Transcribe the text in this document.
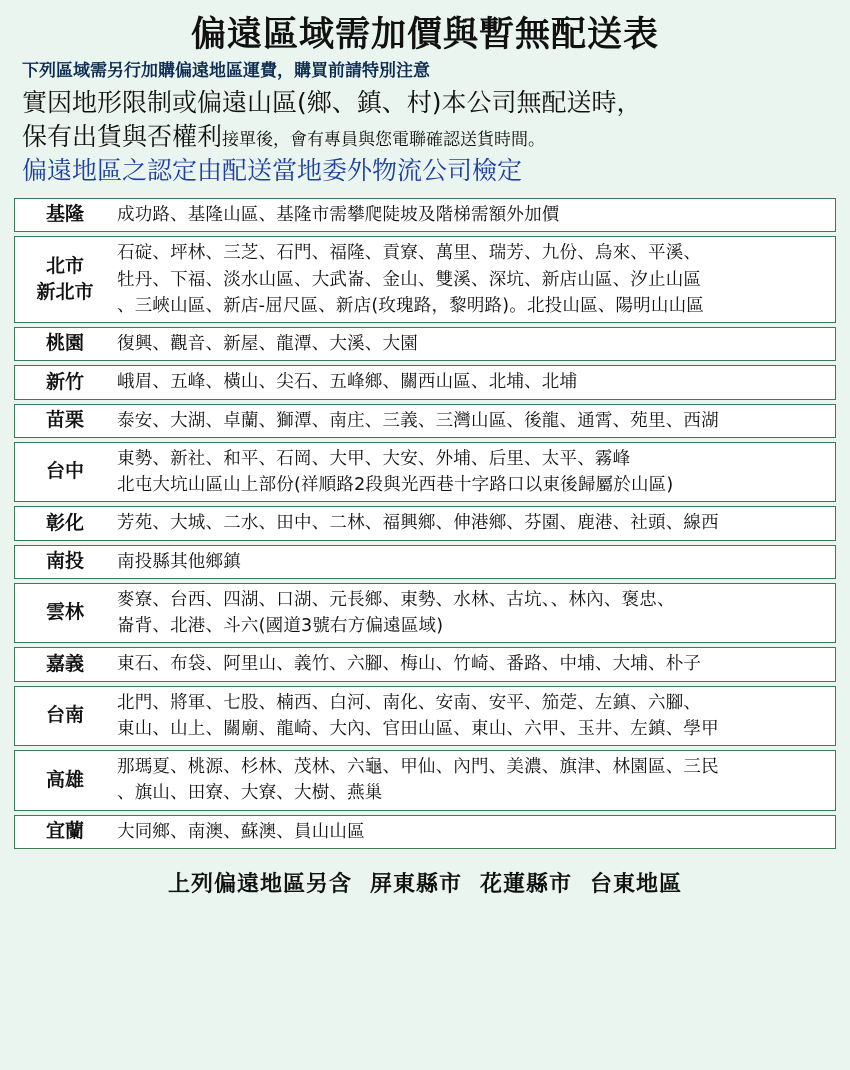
偏遠區域需加價與暫無配送表
下列區域需另行加購偏遠地區運費，購買前請特別注意
實因地形限制或偏遠山區(鄉、鎮、村)本公司無配送時，
保有出貨與否權利接單後，會有專員與您電聯確認送貨時間。
偏遠地區之認定由配送當地委外物流公司檢定
基隆	成功路、基隆山區、基隆市需攀爬陡坡及階梯需額外加價

北市
新北市	石碇、坪林、三芝、石門、福隆、貢寮、萬里、瑞芳、九份、烏來、平溪、
牡丹、下福、淡水山區、大武崙、金山、雙溪、深坑、新店山區、汐止山區
、三峽山區、新店-屈尺區、新店(玫瑰路，黎明路)。北投山區、陽明山山區

桃園	復興、觀音、新屋、龍潭、大溪、大園

新竹	峨眉、五峰、橫山、尖石、五峰鄉、關西山區、北埔、北埔

苗栗	泰安、大湖、卓蘭、獅潭、南庄、三義、三灣山區、後龍、通霄、苑里、西湖

台中	東勢、新社、和平、石岡、大甲、大安、外埔、后里、太平、霧峰
北屯大坑山區山上部份(祥順路2段與光西巷十字路口以東後歸屬於山區)

彰化	芳苑、大城、二水、田中、二林、福興鄉、伸港鄉、芬園、鹿港、社頭、線西

南投	南投縣其他鄉鎮

雲林	麥寮、台西、四湖、口湖、元長鄉、東勢、水林、古坑、、林內、褒忠、
崙背、北港、斗六(國道3號右方偏遠區域)

嘉義	東石、布袋、阿里山、義竹、六腳、梅山、竹崎、番路、中埔、大埔、朴子

台南	北門、將軍、七股、楠西、白河、南化、安南、安平、笳萣、左鎮、六腳、
東山、山上、關廟、龍崎、大內、官田山區、東山、六甲、玉井、左鎮、學甲

高雄	那瑪夏、桃源、杉林、茂林、六龜、甲仙、內門、美濃、旗津、林園區、三民
、旗山、田寮、大寮、大樹、燕巢

宜蘭	大同鄉、南澳、蘇澳、員山山區
上列偏遠地區另含 屏東縣市 花蓮縣市 台東地區
